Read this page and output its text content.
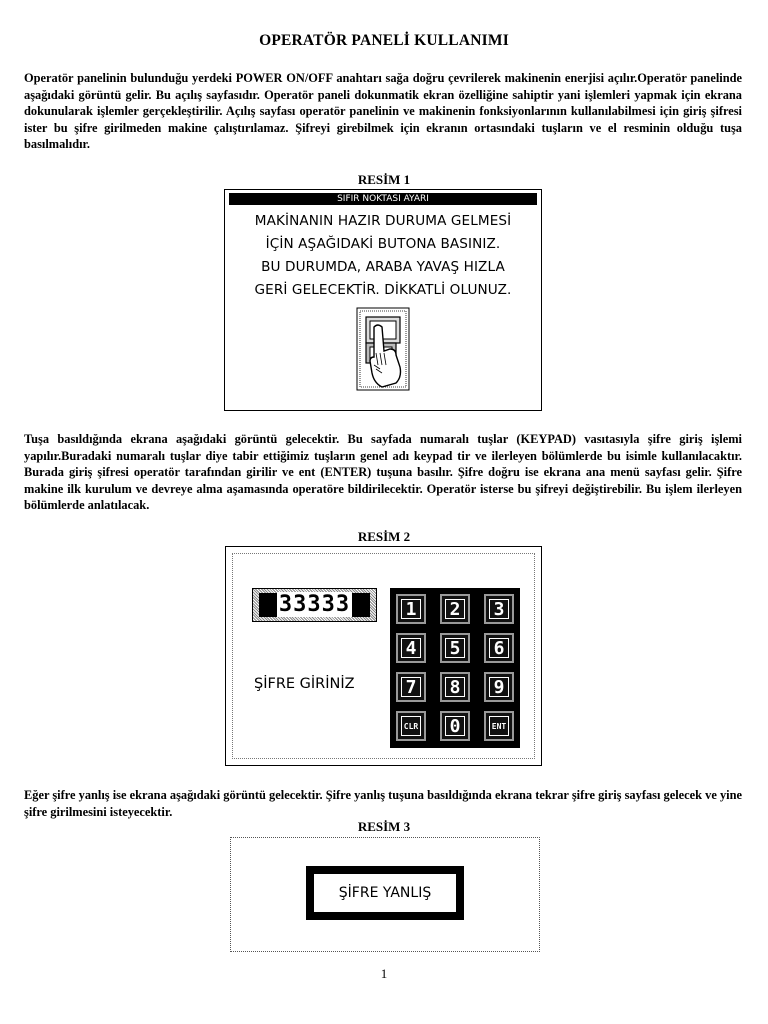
OPERATÖR PANELİ KULLANIMI

Operatör panelinin bulunduğu yerdeki POWER ON/OFF anahtarı sağa doğru çevrilerek makinenin enerjisi açılır.Operatör panelinde aşağıdaki görüntü gelir. Bu açılış sayfasıdır. Operatör paneli dokunmatik ekran özelliğine sahiptir yani işlemleri yapmak için ekrana dokunularak işlemler gerçekleştirilir. Açılış sayfası operatör panelinin ve makinenin fonksiyonlarının kullanılabilmesi için giriş şifresi ister bu şifre girilmeden makine çalıştırılamaz. Şifreyi girebilmek için ekranın ortasındaki tuşların ve el resminin olduğu tuşa basılmalıdır.

RESİM 1
SIFIR NOKTASI AYARI
MAKİNANIN HAZIR DURUMA GELMESİ
İÇİN AŞAĞIDAKİ BUTONA BASINIZ.
BU DURUMDA, ARABA YAVAŞ HIZLA
GERİ GELECEKTİR. DİKKATLİ OLUNUZ.

Tuşa basıldığında ekrana aşağıdaki görüntü gelecektir. Bu sayfada numaralı tuşlar (KEYPAD) vasıtasıyla şifre giriş işlemi yapılır.Buradaki numaralı tuşlar diye tabir ettiğimiz tuşların genel adı keypad tir ve ilerleyen bölümlerde bu isimle kullanılacaktır. Burada giriş şifresi operatör tarafından girilir ve ent (ENTER) tuşuna basılır. Şifre doğru ise ekrana ana menü sayfası gelir. Şifre makine ilk kurulum ve devreye alma aşamasında operatöre bildirilecektir. Operatör isterse bu şifreyi değiştirebilir. Bu işlem ilerleyen bölümlerde anlatılacak.

RESİM 2
33333
ŞİFRE GİRİNİZ
1 2 3
4 5 6
7 8 9
CLR 0	ENT

Eğer şifre yanlış ise ekrana aşağıdaki görüntü gelecektir. Şifre yanlış tuşuna basıldığında ekrana tekrar şifre giriş sayfası gelecek ve yine şifre girilmesini isteyecektir.

RESİM 3
ŞİFRE YANLIŞ
1
